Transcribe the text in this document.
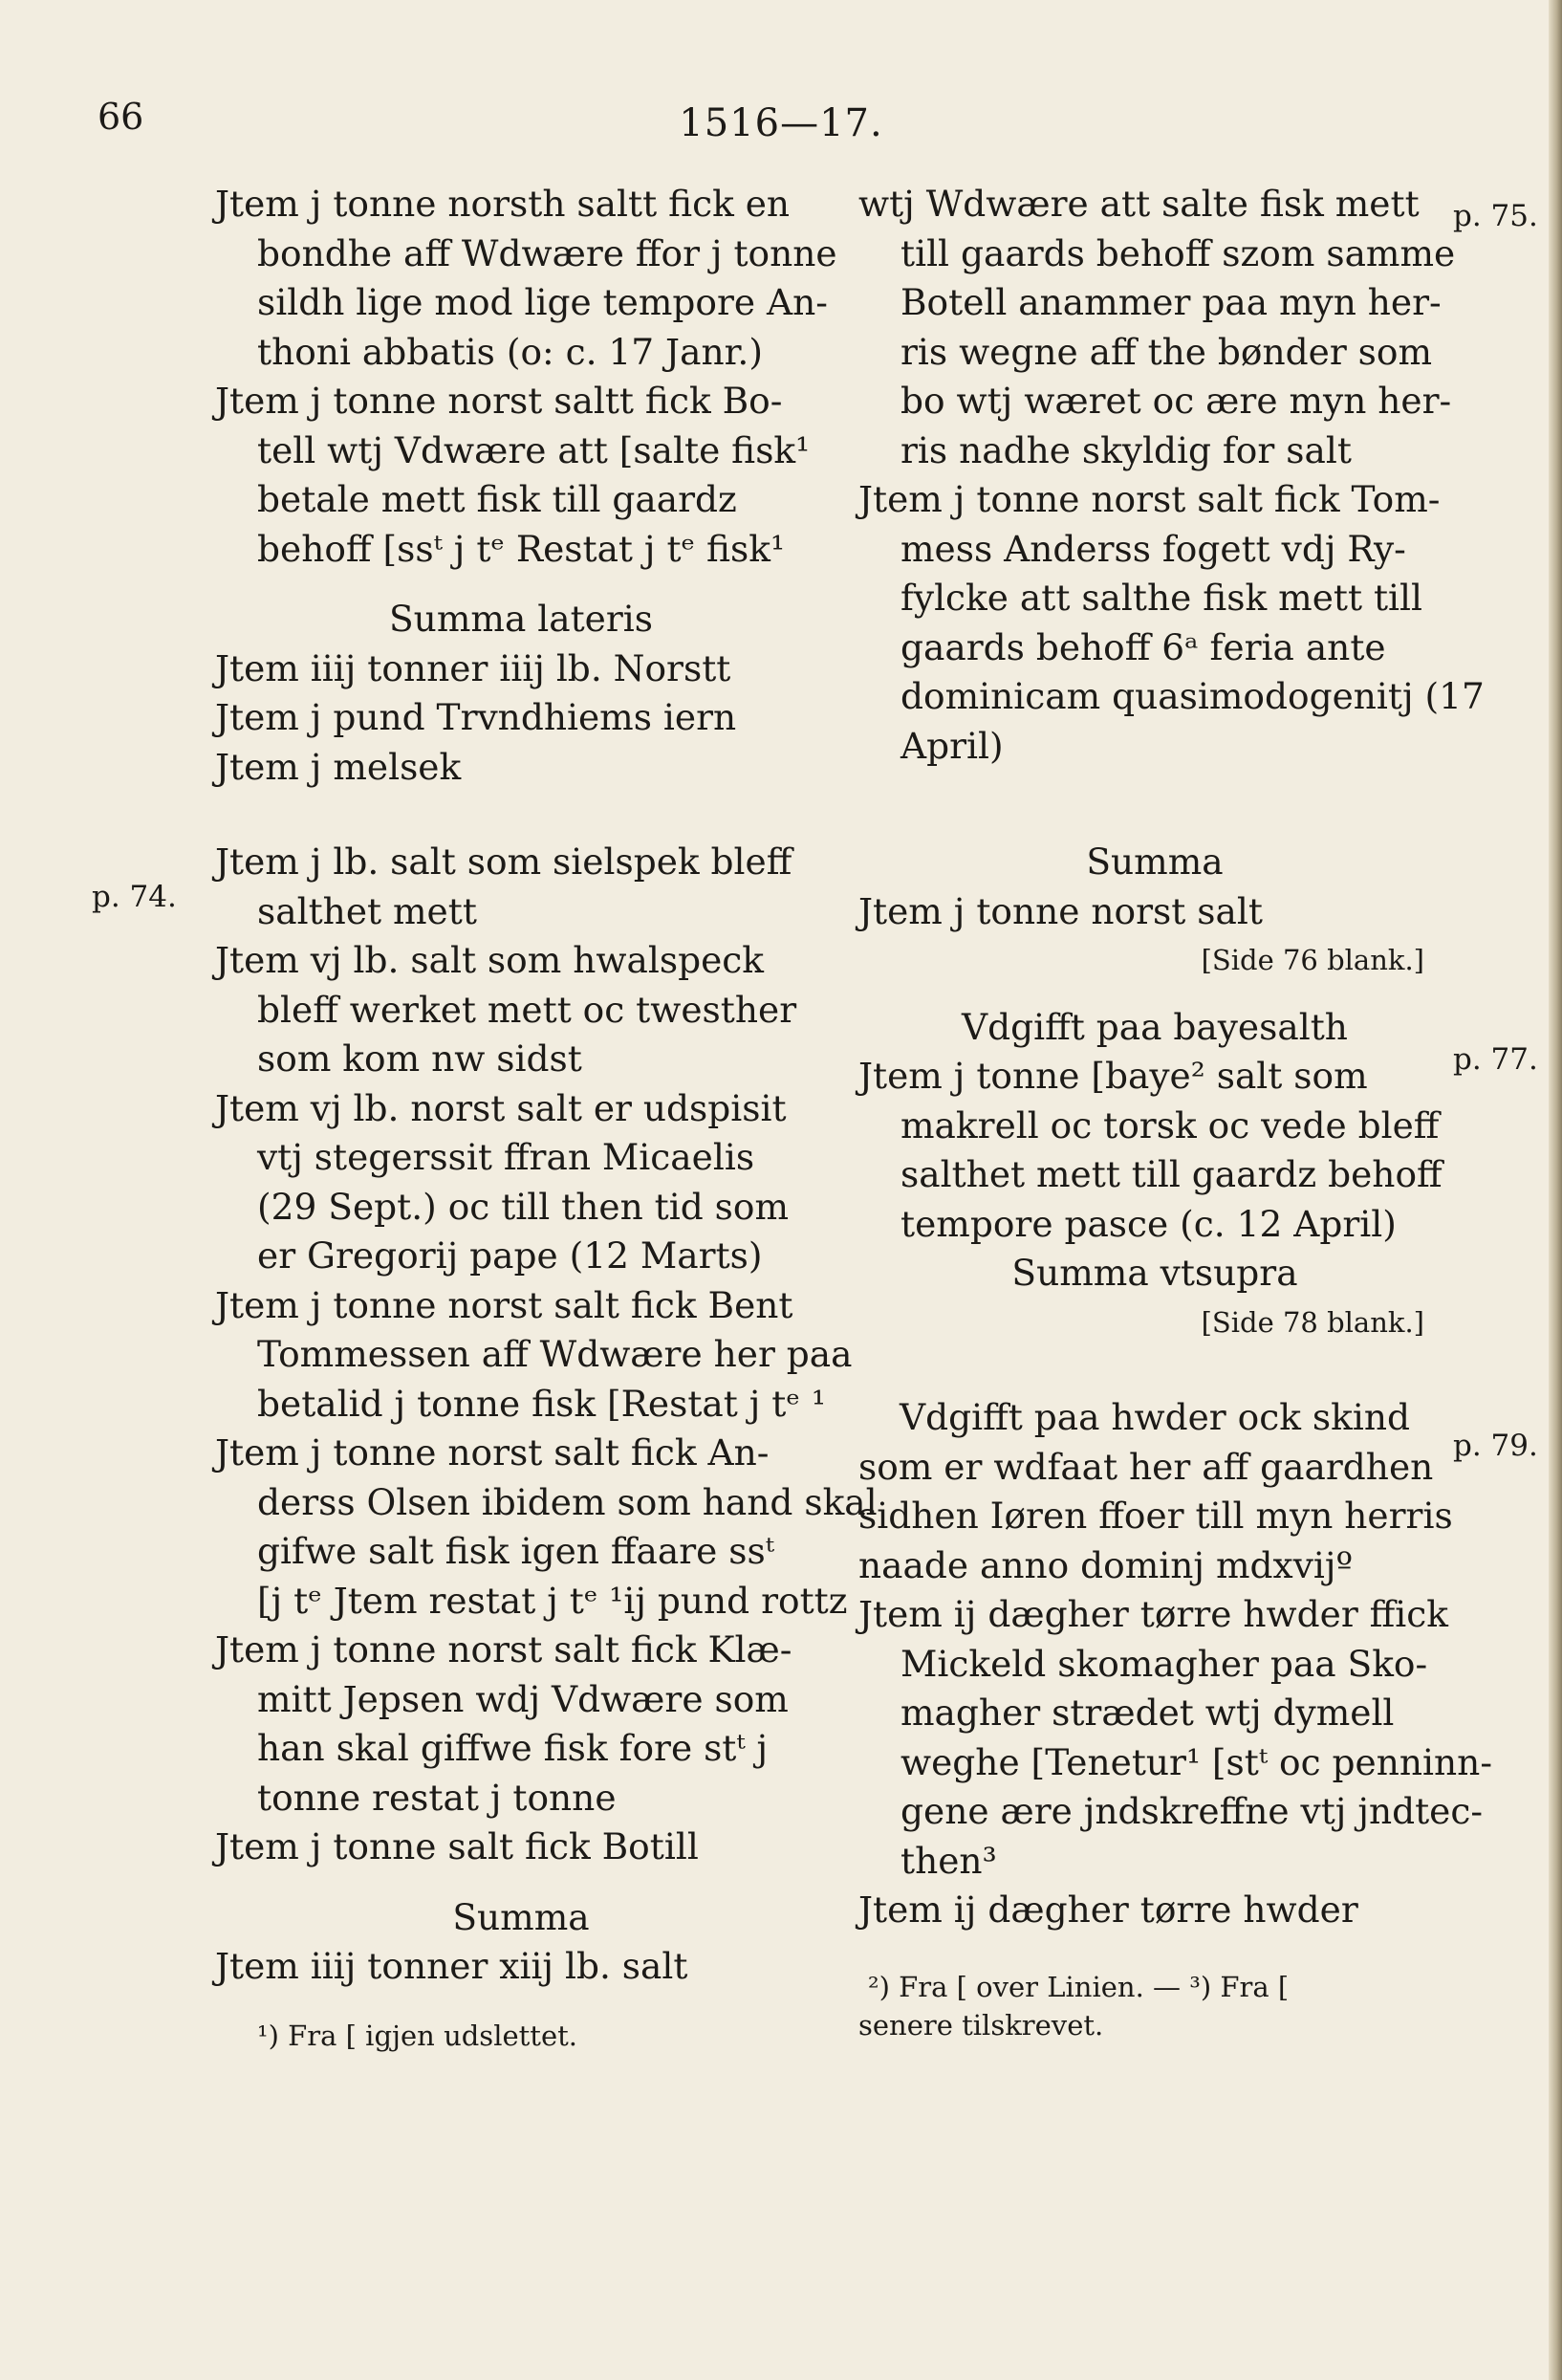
66	1516—17.
p. 74.
p. 75.
p. 77.
p. 79.
Jtem j tonne norsth saltt fick en
bondhe aff Wdwære ffor j tonne
sildh lige mod lige tempore An-
thoni abbatis (o: c. 17 Janr.)
Jtem j tonne norst saltt fick Bo-
tell wtj Vdwære att [salte fisk¹
betale mett fisk till gaardz
behoff [ssᵗ j tᵉ Restat j tᵉ fisk¹
Summa lateris
Jtem iiij tonner iiij lb. Norstt
Jtem j pund Trvndhiems iern
Jtem j melsek
Jtem j lb. salt som sielspek bleff
salthet mett
Jtem vj lb. salt som hwalspeck
bleff werket mett oc twesther
som kom nw sidst
Jtem vj lb. norst salt er udspisit
vtj stegerssit ffran Micaelis
(29 Sept.) oc till then tid som
er Gregorij pape (12 Marts)
Jtem j tonne norst salt fick Bent
Tommessen aff Wdwære her paa
betalid j tonne fisk [Restat j tᵉ ¹
Jtem j tonne norst salt fick An-
derss Olsen ibidem som hand skal
gifwe salt fisk igen ffaare ssᵗ
[j tᵉ Jtem restat j tᵉ ¹ij pund rottz
Jtem j tonne norst salt fick Klæ-
mitt Jepsen wdj Vdwære som
han skal giffwe fisk fore stᵗ j
tonne restat j tonne
Jtem j tonne salt fick Botill
Summa
Jtem iiij tonner xiij lb. salt
¹) Fra [ igjen udslettet.
wtj Wdwære att salte fisk mett
till gaards behoff szom samme
Botell anammer paa myn her-
ris wegne aff the bønder som
bo wtj wæret oc ære myn her-
ris nadhe skyldig for salt
Jtem j tonne norst salt fick Tom-
mess Anderss fogett vdj Ry-
fylcke att salthe fisk mett till
gaards behoff 6ᵃ feria ante
dominicam quasimodogenitj (17
April)
Summa
Jtem j tonne norst salt
[Side 76 blank.]
Vdgifft paa bayesalth
Jtem j tonne [baye² salt som
makrell oc torsk oc vede bleff
salthet mett till gaardz behoff
tempore pasce (c. 12 April)
Summa vtsupra
[Side 78 blank.]
Vdgifft paa hwder ock skind
som er wdfaat her aff gaardhen
sidhen Iøren ffoer till myn herris
naade anno dominj mdxvijº
Jtem ij dægher tørre hwder ffick
Mickeld skomagher paa Sko-
magher strædet wtj dymell
weghe [Tenetur¹ [stᵗ oc penninn-
gene ære jndskreffne vtj jndtec-
then³
Jtem ij dægher tørre hwder
²) Fra [ over Linien. — ³) Fra [
senere tilskrevet.
